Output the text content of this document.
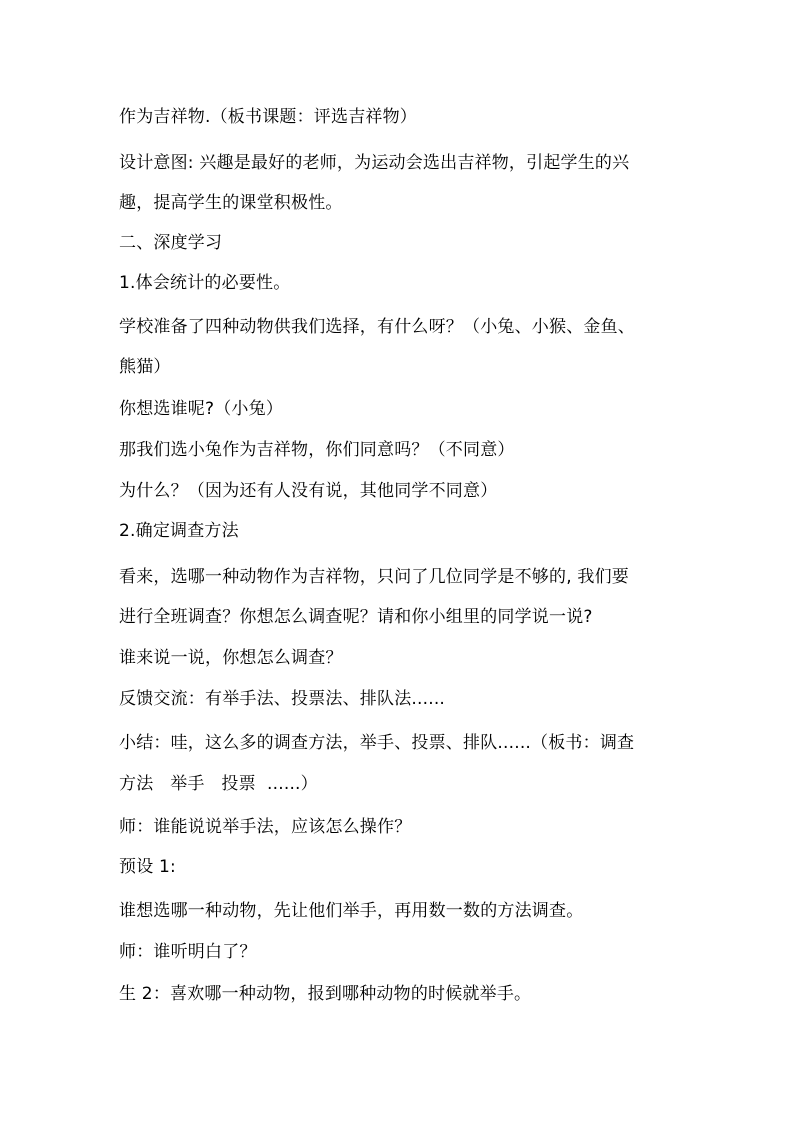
作为吉祥物.（板书课题：评选吉祥物）
设计意图: 兴趣是最好的老师，为运动会选出吉祥物，引起学生的兴
趣，提高学生的课堂积极性。
二、深度学习
1.体会统计的必要性。
学校准备了四种动物供我们选择，有什么呀？（小兔、小猴、金鱼、
熊猫）
你想选谁呢?（小兔）
那我们选小兔作为吉祥物，你们同意吗？（不同意）
为什么？（因为还有人没有说，其他同学不同意）
2.确定调查方法
看来，选哪一种动物作为吉祥物，只问了几位同学是不够的, 我们要
进行全班调查？你想怎么调查呢？请和你小组里的同学说一说?
谁来说一说，你想怎么调查？
反馈交流：有举手法、投票法、排队法......
小结：哇，这么多的调查方法，举手、投票、排队......（板书：调查
方法   举手   投票  ......）
师：谁能说说举手法，应该怎么操作？
预设 1:
谁想选哪一种动物，先让他们举手，再用数一数的方法调查。
师：谁听明白了？
生 2：喜欢哪一种动物，报到哪种动物的时候就举手。
